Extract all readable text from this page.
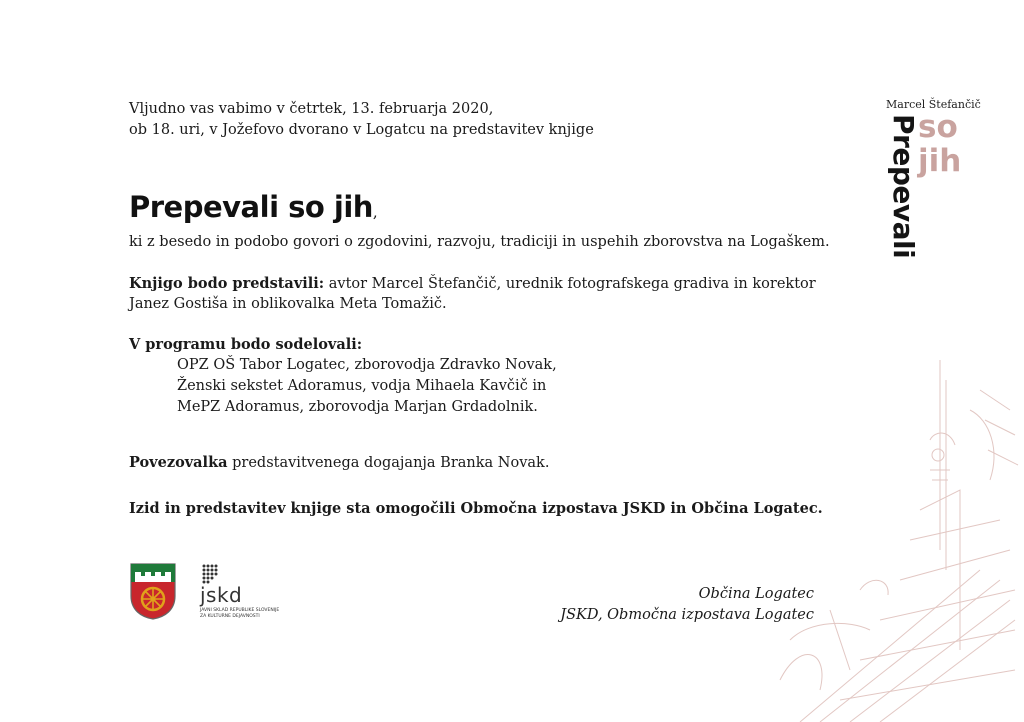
Vljudno vas vabimo v četrtek, 13. februarja 2020,
ob 18. uri, v Jožefovo dvorano v Logatcu na predstavitev knjige
Prepevali so jih,
ki z besedo in podobo govori o zgodovini, razvoju, tradiciji in uspehih zborovstva na Logaškem.
Knjigo bodo predstavili: avtor Marcel Štefančič, urednik fotografskega gradiva in korektor
Janez Gostiša in oblikovalka Meta Tomažič.
V programu bodo sodelovali:
OPZ OŠ Tabor Logatec, zborovodja Zdravko Novak,
Ženski sekstet Adoramus, vodja Mihaela Kavčič in
MePZ Adoramus, zborovodja Marjan Grdadolnik.
Povezovalka predstavitvenega dogajanja Branka Novak.
Izid in predstavitev knjige sta omogočili Območna izpostava JSKD in Občina Logatec.
Občina Logatec
JSKD, Območna izpostava Logatec
Marcel Štefančič
Prepevali
so
jih
jskd
JAVNI SKLAD REPUBLIKE SLOVENIJE
ZA KULTURNE DEJAVNOSTI
